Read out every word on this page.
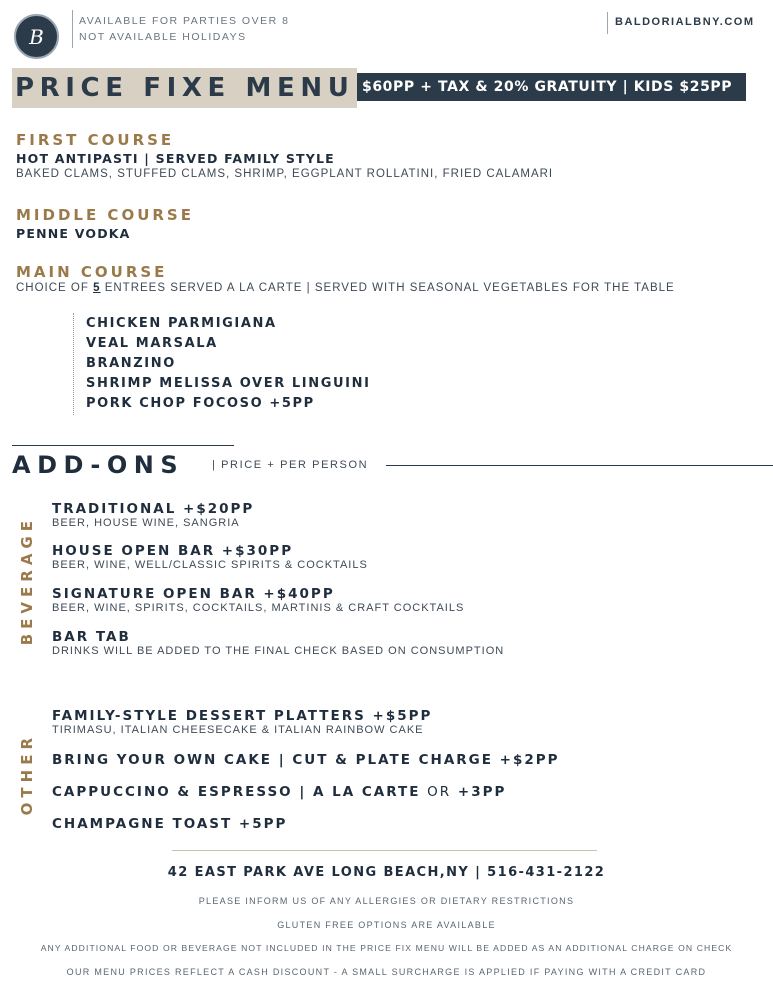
B
AVAILABLE FOR PARTIES OVER 8
NOT AVAILABLE HOLIDAYS
BALDORIALBNY.COM
PRICE FIXE MENU $60PP + TAX & 20% GRATUITY | KIDS $25PP
FIRST COURSE
HOT ANTIPASTI | SERVED FAMILY STYLE
BAKED CLAMS, STUFFED CLAMS, SHRIMP, EGGPLANT ROLLATINI, FRIED CALAMARI
MIDDLE COURSE
PENNE VODKA
MAIN COURSE
CHOICE OF 5 ENTREES SERVED A LA CARTE | SERVED WITH SEASONAL VEGETABLES FOR THE TABLE
CHICKEN PARMIGIANA
VEAL MARSALA
BRANZINO
SHRIMP MELISSA OVER LINGUINI
PORK CHOP FOCOSO +5PP
ADD-ONS	| PRICE + PER PERSON
BEVERAGE
TRADITIONAL +$20PP
BEER, HOUSE WINE, SANGRIA
HOUSE OPEN BAR +$30PP
BEER, WINE, WELL/CLASSIC SPIRITS & COCKTAILS
SIGNATURE OPEN BAR +$40PP
BEER, WINE, SPIRITS, COCKTAILS, MARTINIS & CRAFT COCKTAILS
BAR TAB
DRINKS WILL BE ADDED TO THE FINAL CHECK BASED ON CONSUMPTION
OTHER
FAMILY-STYLE DESSERT PLATTERS +$5PP
TIRIMASU, ITALIAN CHEESECAKE & ITALIAN RAINBOW CAKE
BRING YOUR OWN CAKE | CUT & PLATE CHARGE +$2PP
CAPPUCCINO & ESPRESSO | A LA CARTE OR +3PP
CHAMPAGNE TOAST +5PP
42 EAST PARK AVE LONG BEACH,NY | 516-431-2122
PLEASE INFORM US OF ANY ALLERGIES OR DIETARY RESTRICTIONS
GLUTEN FREE OPTIONS ARE AVAILABLE
ANY ADDITIONAL FOOD OR BEVERAGE NOT INCLUDED IN THE PRICE FIX MENU WILL BE ADDED AS AN ADDITIONAL CHARGE ON CHECK
OUR MENU PRICES REFLECT A CASH DISCOUNT - A SMALL SURCHARGE IS APPLIED IF PAYING WITH A CREDIT CARD
